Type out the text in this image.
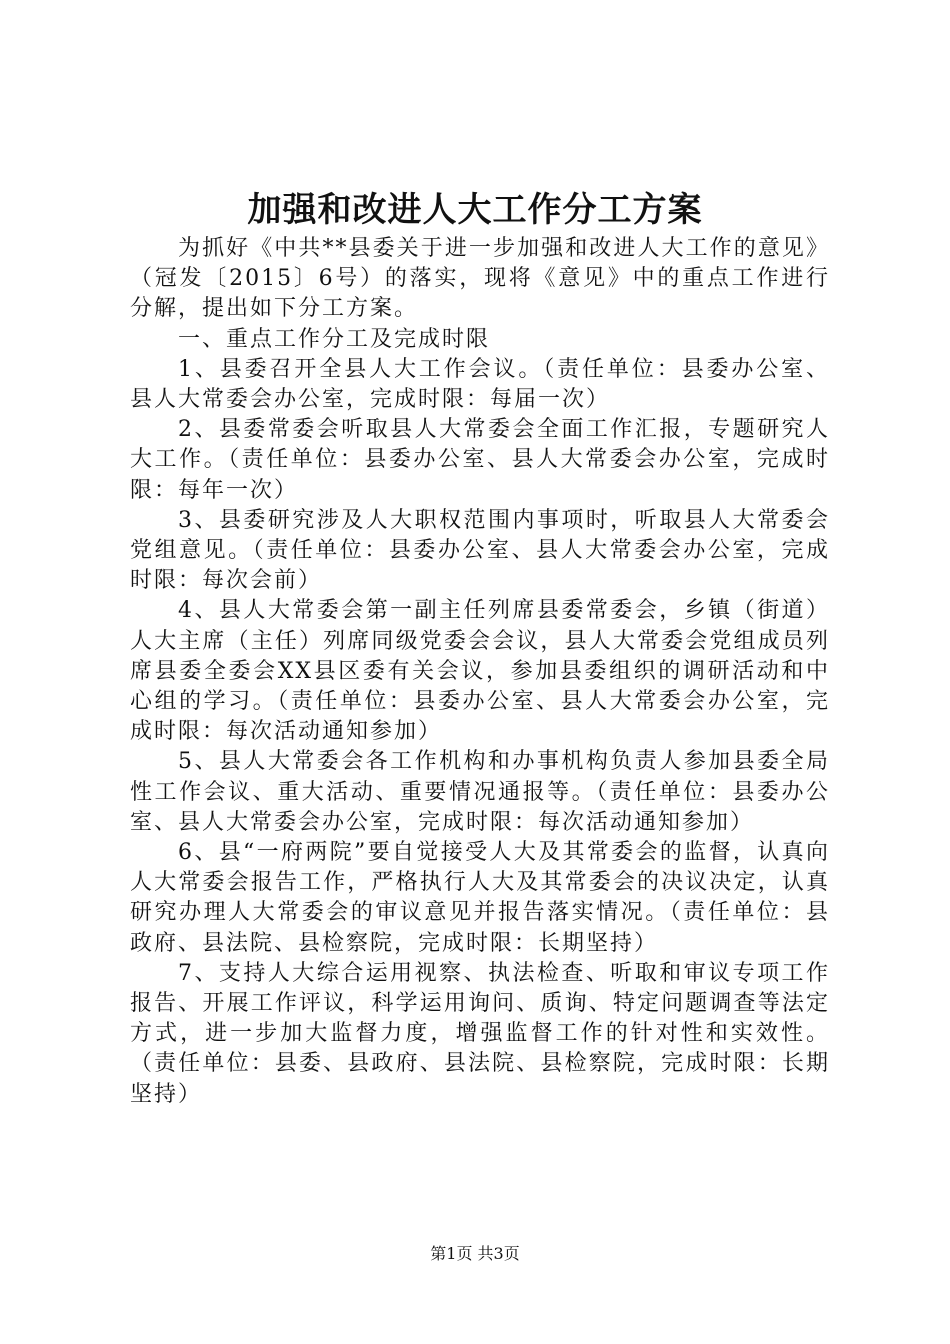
加强和改进人大工作分工方案

为抓好《中共**县委关于进一步加强和改进人大工作的意见》（冠发〔2015〕6号）的落实，现将《意见》中的重点工作进行分解，提出如下分工方案。

一、重点工作分工及完成时限

1、县委召开全县人大工作会议。（责任单位：县委办公室、县人大常委会办公室，完成时限：每届一次）

2、县委常委会听取县人大常委会全面工作汇报，专题研究人大工作。（责任单位：县委办公室、县人大常委会办公室，完成时限：每年一次）

3、县委研究涉及人大职权范围内事项时，听取县人大常委会党组意见。（责任单位：县委办公室、县人大常委会办公室，完成时限：每次会前）

4、县人大常委会第一副主任列席县委常委会，乡镇（街道）人大主席（主任）列席同级党委会会议，县人大常委会党组成员列席县委全委会XX县区委有关会议，参加县委组织的调研活动和中心组的学习。（责任单位：县委办公室、县人大常委会办公室，完成时限：每次活动通知参加）

5、县人大常委会各工作机构和办事机构负责人参加县委全局性工作会议、重大活动、重要情况通报等。（责任单位：县委办公室、县人大常委会办公室，完成时限：每次活动通知参加）

6、县“一府两院”要自觉接受人大及其常委会的监督，认真向人大常委会报告工作，严格执行人大及其常委会的决议决定，认真研究办理人大常委会的审议意见并报告落实情况。（责任单位：县政府、县法院、县检察院，完成时限：长期坚持）

7、支持人大综合运用视察、执法检查、听取和审议专项工作报告、开展工作评议，科学运用询问、质询、特定问题调查等法定方式，进一步加大监督力度，增强监督工作的针对性和实效性。（责任单位：县委、县政府、县法院、县检察院，完成时限：长期坚持）

第1页 共3页
